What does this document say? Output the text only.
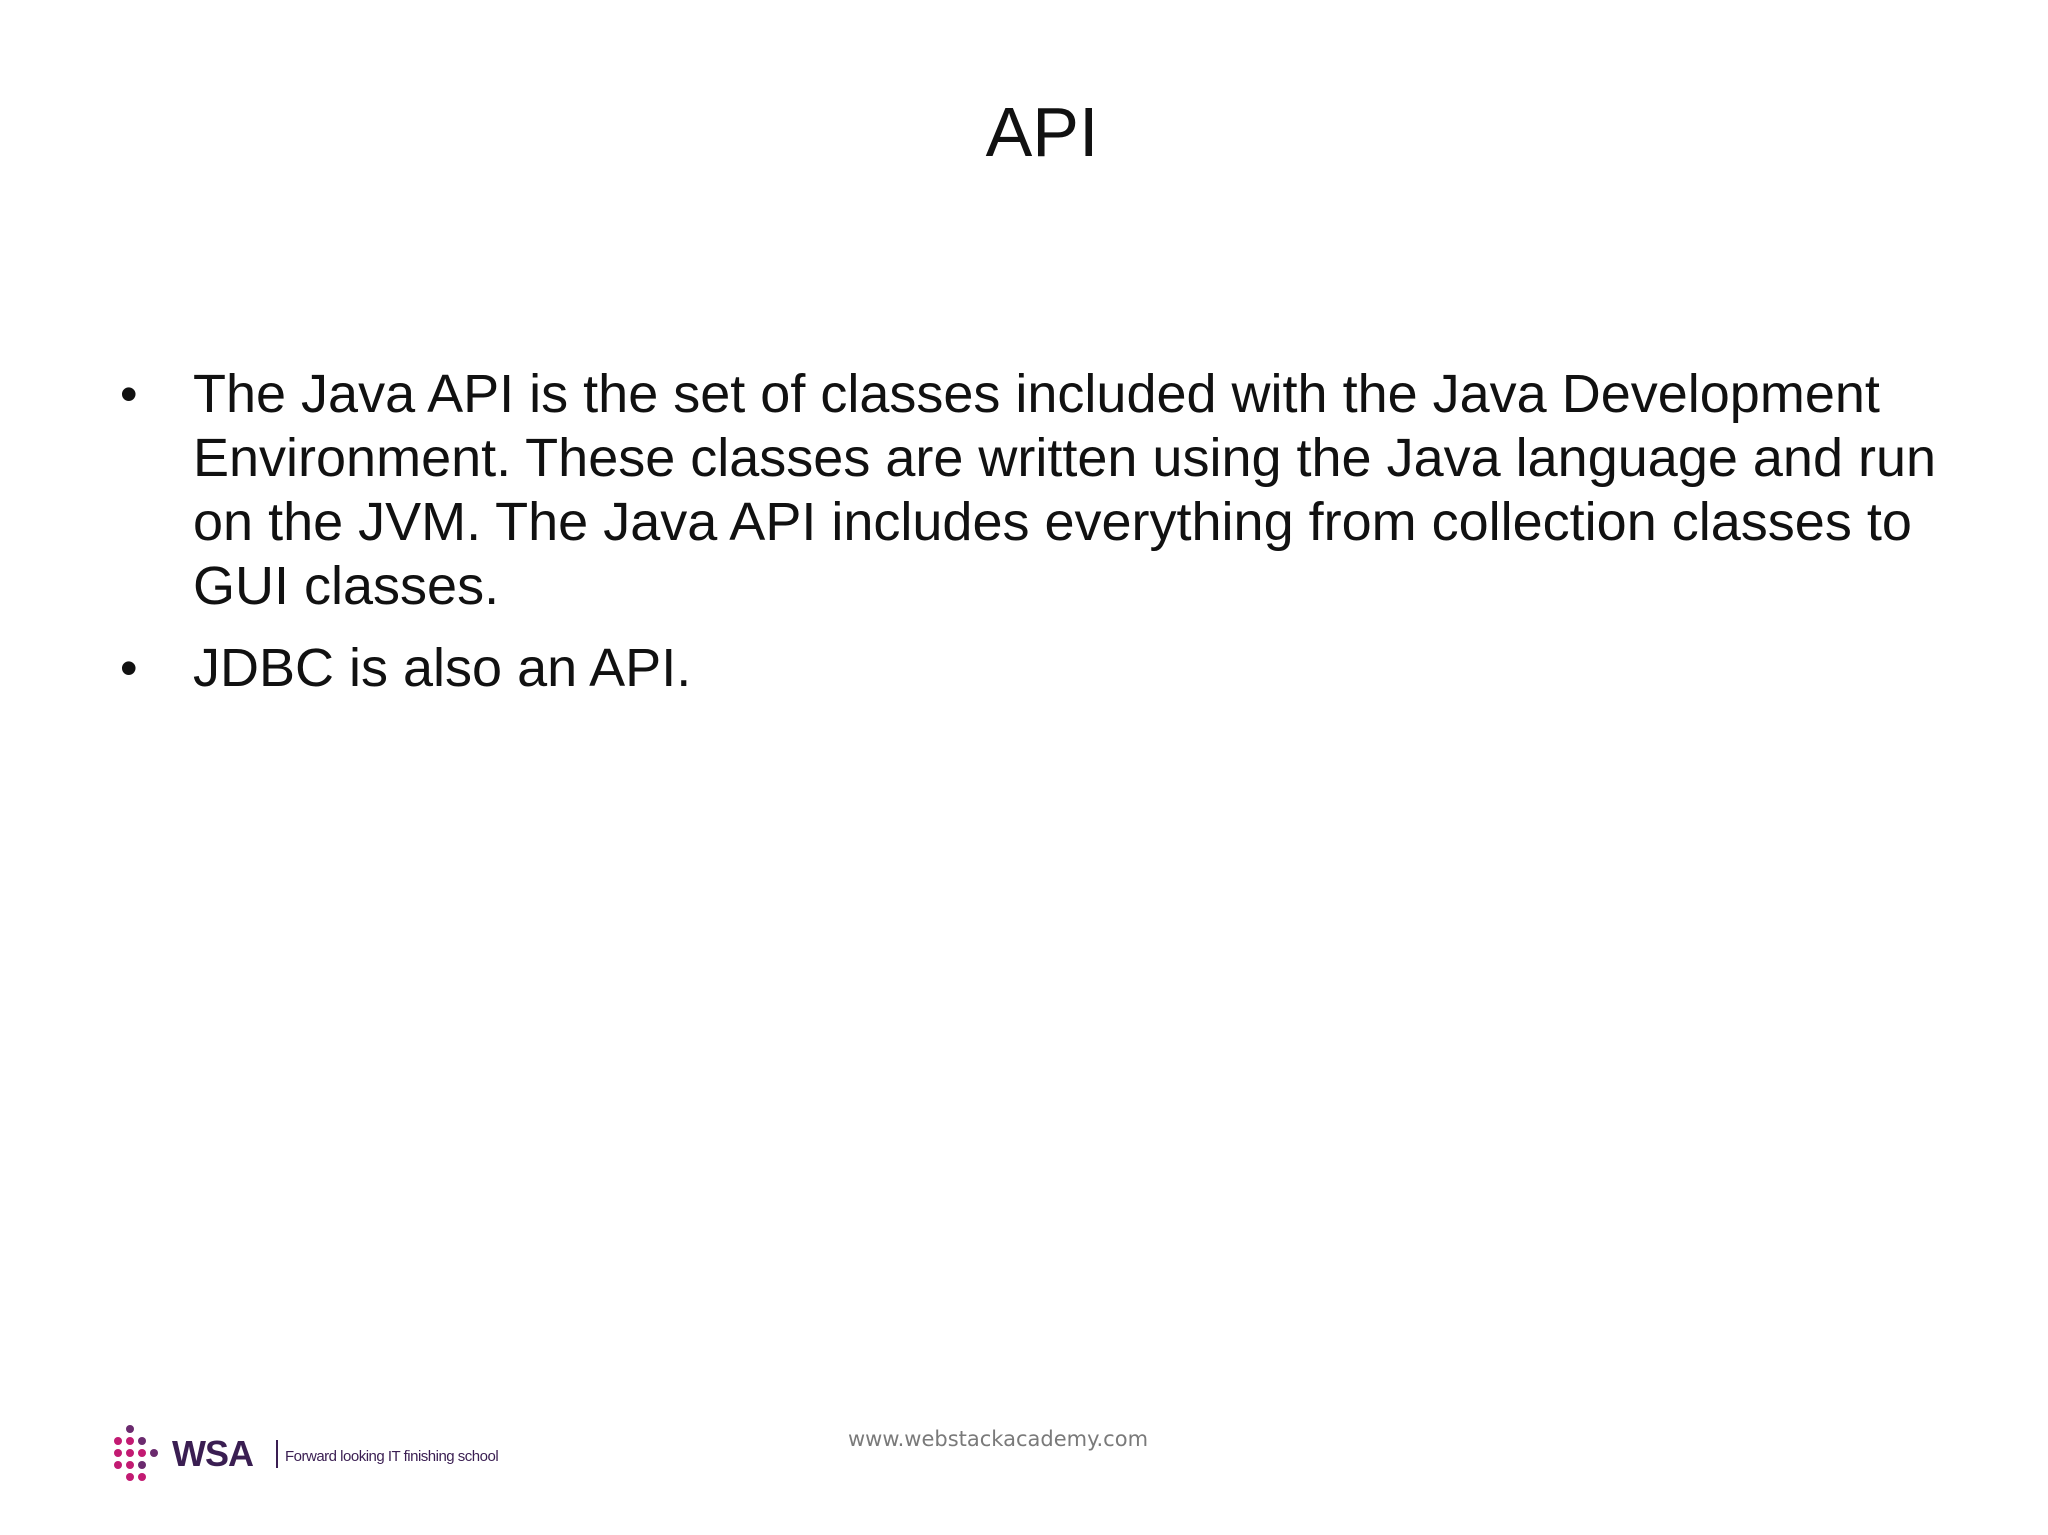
API
•	The Java API is the set of classes included with the Java Development Environment. These classes are written using the Java language and run on the JVM. The Java API includes everything from collection classes to GUI classes.
•	JDBC is also an API.
WSA Forward looking IT finishing school
www.webstackacademy.com
